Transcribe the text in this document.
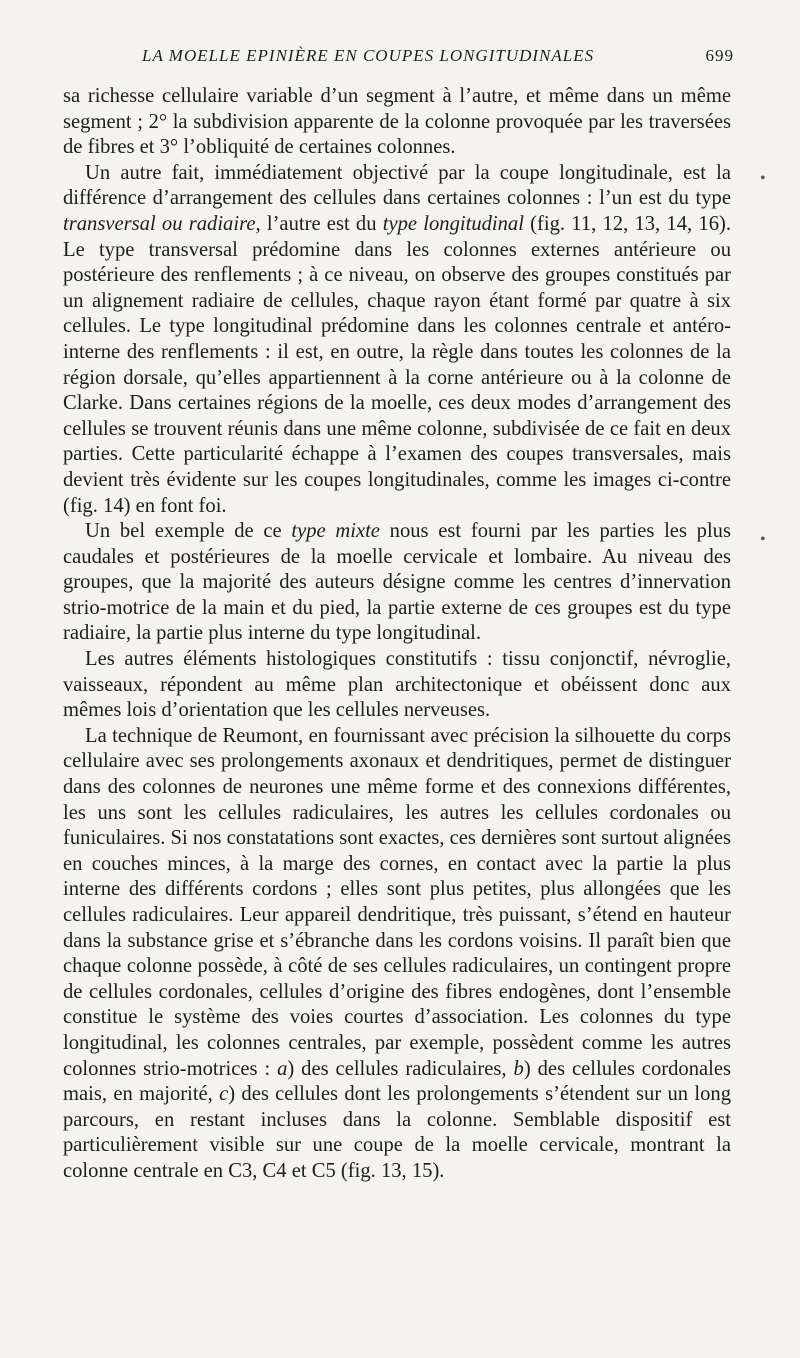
LA MOELLE EPINIÈRE EN COUPES LONGITUDINALES	699

sa richesse cellulaire variable d’un segment à l’autre, et même dans un même segment ; 2° la subdivision apparente de la colonne provoquée par les traversées de fibres et 3° l’obliquité de certaines colonnes.

Un autre fait, immédiatement objectivé par la coupe longitudinale, est la différence d’arrangement des cellules dans certaines colonnes : l’un est du type transversal ou radiaire, l’autre est du type longitudinal (fig. 11, 12, 13, 14, 16). Le type transversal prédomine dans les colonnes externes antérieure ou postérieure des renflements ; à ce niveau, on observe des groupes constitués par un alignement radiaire de cellules, chaque rayon étant formé par quatre à six cellules. Le type longitudinal prédomine dans les colonnes centrale et antéro-interne des renflements : il est, en outre, la règle dans toutes les colonnes de la région dorsale, qu’elles appartiennent à la corne antérieure ou à la colonne de Clarke. Dans certaines régions de la moelle, ces deux modes d’arrangement des cellules se trouvent réunis dans une même colonne, subdivisée de ce fait en deux parties. Cette particularité échappe à l’examen des coupes transversales, mais devient très évidente sur les coupes longitudinales, comme les images ci-contre (fig. 14) en font foi.

Un bel exemple de ce type mixte nous est fourni par les parties les plus caudales et postérieures de la moelle cervicale et lombaire. Au niveau des groupes, que la majorité des auteurs désigne comme les centres d’innervation strio-motrice de la main et du pied, la partie externe de ces groupes est du type radiaire, la partie plus interne du type longitudinal.

Les autres éléments histologiques constitutifs : tissu conjonctif, névroglie, vaisseaux, répondent au même plan architectonique et obéissent donc aux mêmes lois d’orientation que les cellules nerveuses.

La technique de Reumont, en fournissant avec précision la silhouette du corps cellulaire avec ses prolongements axonaux et dendritiques, permet de distinguer dans des colonnes de neurones une même forme et des connexions différentes, les uns sont les cellules radiculaires, les autres les cellules cordonales ou funiculaires. Si nos constatations sont exactes, ces dernières sont surtout alignées en couches minces, à la marge des cornes, en contact avec la partie la plus interne des différents cordons ; elles sont plus petites, plus allongées que les cellules radiculaires. Leur appareil dendritique, très puissant, s’étend en hauteur dans la substance grise et s’ébranche dans les cordons voisins. Il paraît bien que chaque colonne possède, à côté de ses cellules radiculaires, un contingent propre de cellules cordonales, cellules d’origine des fibres endogènes, dont l’ensemble constitue le système des voies courtes d’association. Les colonnes du type longitudinal, les colonnes centrales, par exemple, possèdent comme les autres colonnes strio-motrices : a) des cellules radiculaires, b) des cellules cordonales mais, en majorité, c) des cellules dont les prolongements s’étendent sur un long parcours, en restant incluses dans la colonne. Semblable dispositif est particulièrement visible sur une coupe de la moelle cervicale, montrant la colonne centrale en C3, C4 et C5 (fig. 13, 15).

•
•
